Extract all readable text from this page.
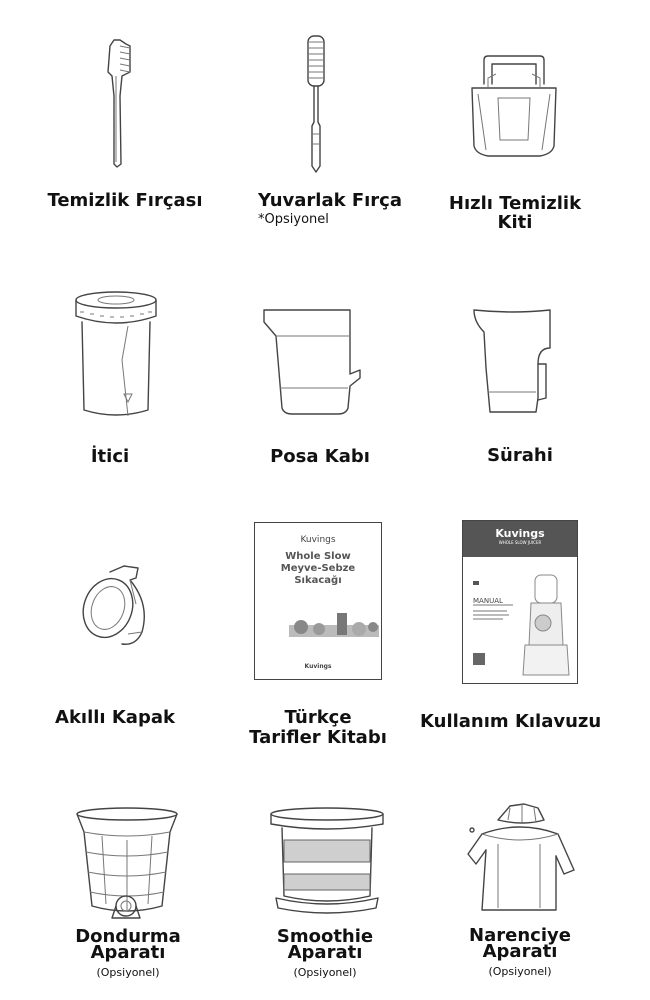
Temizlik Fırçası	Yuvarlak Fırça
*Opsiyonel
Hızlı Temizlik
Kiti
İtici	Posa Kabı	Sürahi
Akıllı Kapak
Kuvings
Whole Slow
Meyve-Sebze
Sıkacağı
Kuvings
Türkçe
Tarifler Kitabı
Kuvings
WHOLE SLOW JUICER
MANUAL
Kullanım Kılavuzu
Dondurma
Aparatı
(Opsiyonel)
Smoothie
Aparatı
(Opsiyonel)
Narenciye
Aparatı
(Opsiyonel)
